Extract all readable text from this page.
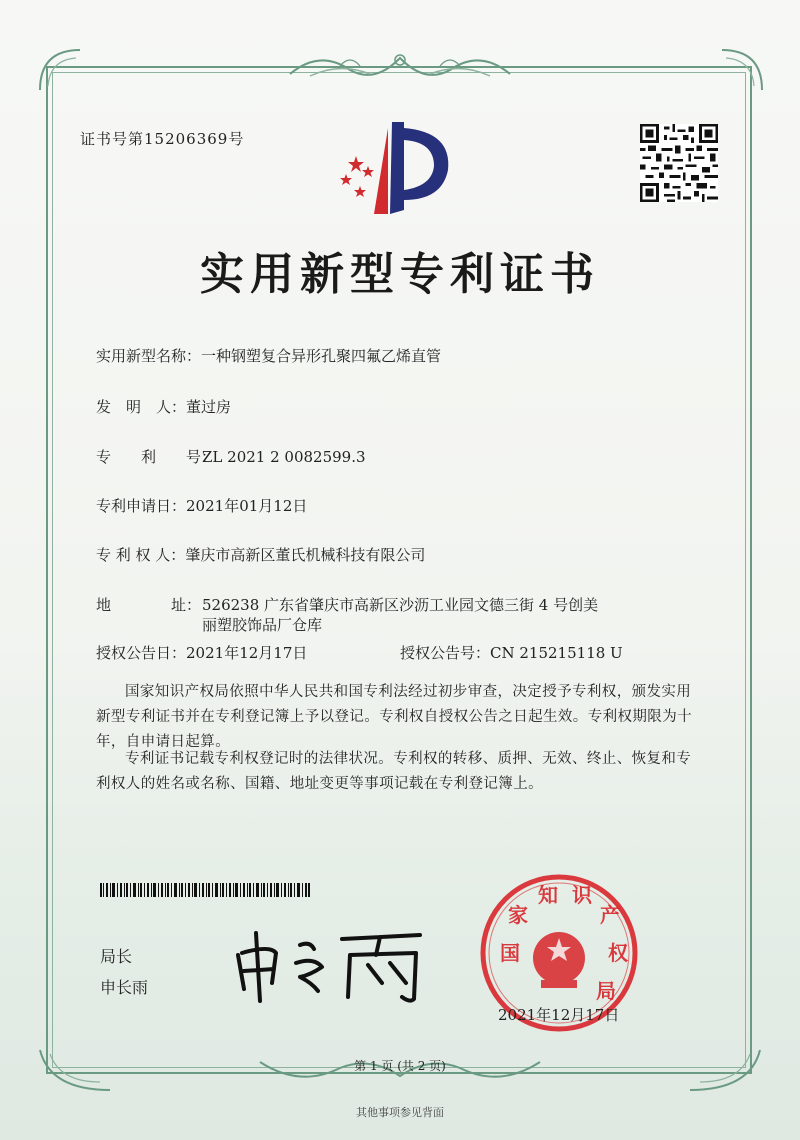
证书号第15206369号
实用新型专利证书
实用新型名称：一种钢塑复合异形孔聚四氟乙烯直管
发　明　人：董过房
专　　利　　号：ZL 2021 2 0082599.3
专利申请日：2021年01月12日
专 利 权 人：肇庆市高新区董氏机械科技有限公司
地　　　　址：526238 广东省肇庆市高新区沙沥工业园文德三街 4 号创美
丽塑胶饰品厂仓库
授权公告日：2021年12月17日	授权公告号：CN 215215118 U
国家知识产权局依照中华人民共和国专利法经过初步审查，决定授予专利权，颁发实用新型专利证书并在专利登记簿上予以登记。专利权自授权公告之日起生效。专利权期限为十年，自申请日起算。
专利证书记载专利权登记时的法律状况。专利权的转移、质押、无效、终止、恢复和专利权人的姓名或名称、国籍、地址变更等事项记载在专利登记簿上。
局长
申长雨
国
家
知 识
产
权
局
2021年12月17日
第 1 页 (共 2 页)
其他事项参见背面
